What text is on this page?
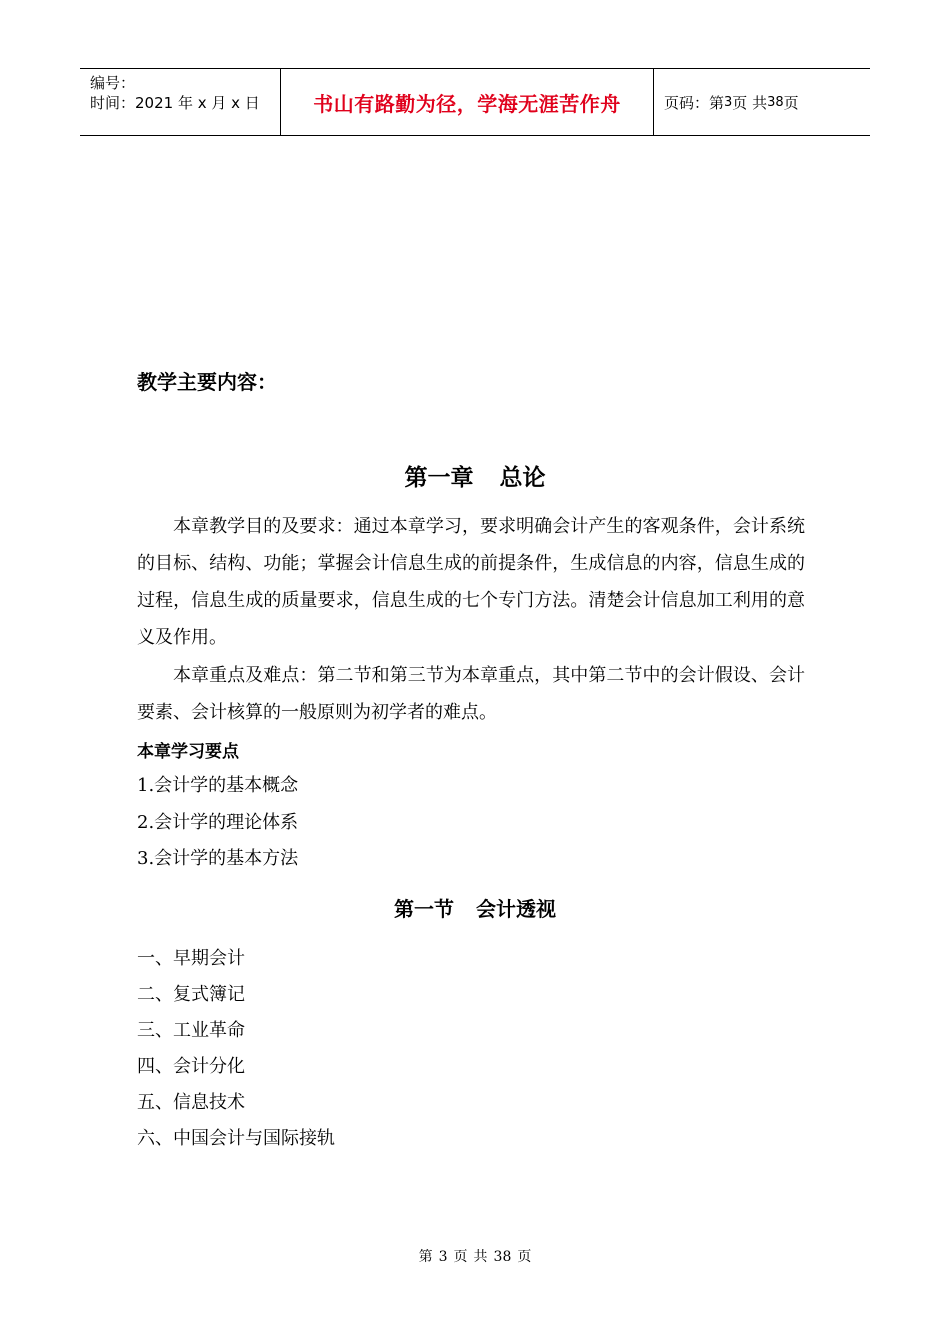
编号：
时间：2021 年 x 月 x 日	书山有路勤为径，学海无涯苦作舟	页码：第 3 页 共 38 页
教学主要内容：
第一章 总论
本章教学目的及要求：通过本章学习，要求明确会计产生的客观条件，会计系统的目标、结构、功能；掌握会计信息生成的前提条件，生成信息的内容，信息生成的过程，信息生成的质量要求，信息生成的七个专门方法。清楚会计信息加工利用的意义及作用。
本章重点及难点：第二节和第三节为本章重点，其中第二节中的会计假设、会计要素、会计核算的一般原则为初学者的难点。
本章学习要点
1.会计学的基本概念
2.会计学的理论体系
3.会计学的基本方法
第一节 会计透视
一、早期会计
二、复式簿记
三、工业革命
四、会计分化
五、信息技术
六、中国会计与国际接轨
第 3 页 共 38 页
